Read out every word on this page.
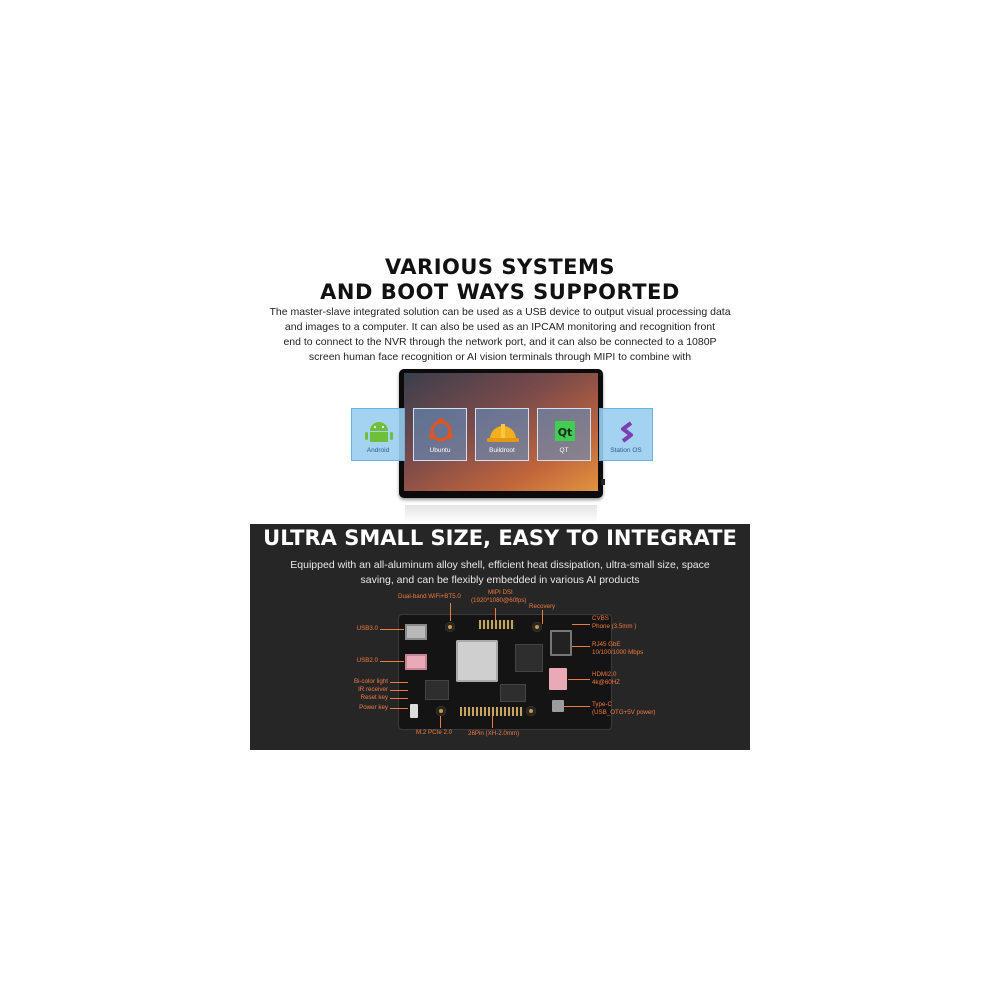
VARIOUS SYSTEMS
AND BOOT WAYS SUPPORTED
The master-slave integrated solution can be used as a USB device to output visual processing data
and images to a computer. It can also be used as an IPCAM monitoring and recognition front
end to connect to the NVR through the network port, and it can also be connected to a 1080P
screen human face recognition or AI vision terminals through MIPI to combine with
Android	Ubuntu	Buildroot
Qt
QT	Station OS
ULTRA SMALL SIZE, EASY TO INTEGRATE
Equipped with an all-aluminum alloy shell, efficient heat dissipation, ultra-small size, space
saving, and can be flexibly embedded in various AI products
Dual-band WiFi+BT5.0
MIPI DSI
(1920*1080@60fps)
Recovery
CVBS
Phone (3.5mm )
RJ45 GbE
10/100/1000 Mbps
HDMI2.0
4k@60HZ
Type-C
(USB_OTG+5V power)
USB3.0
USB2.0
Bi-color light
IR receiver
Reset key
Power key
M.2 PCIe 2.0	26Pin (XH-2.0mm)
